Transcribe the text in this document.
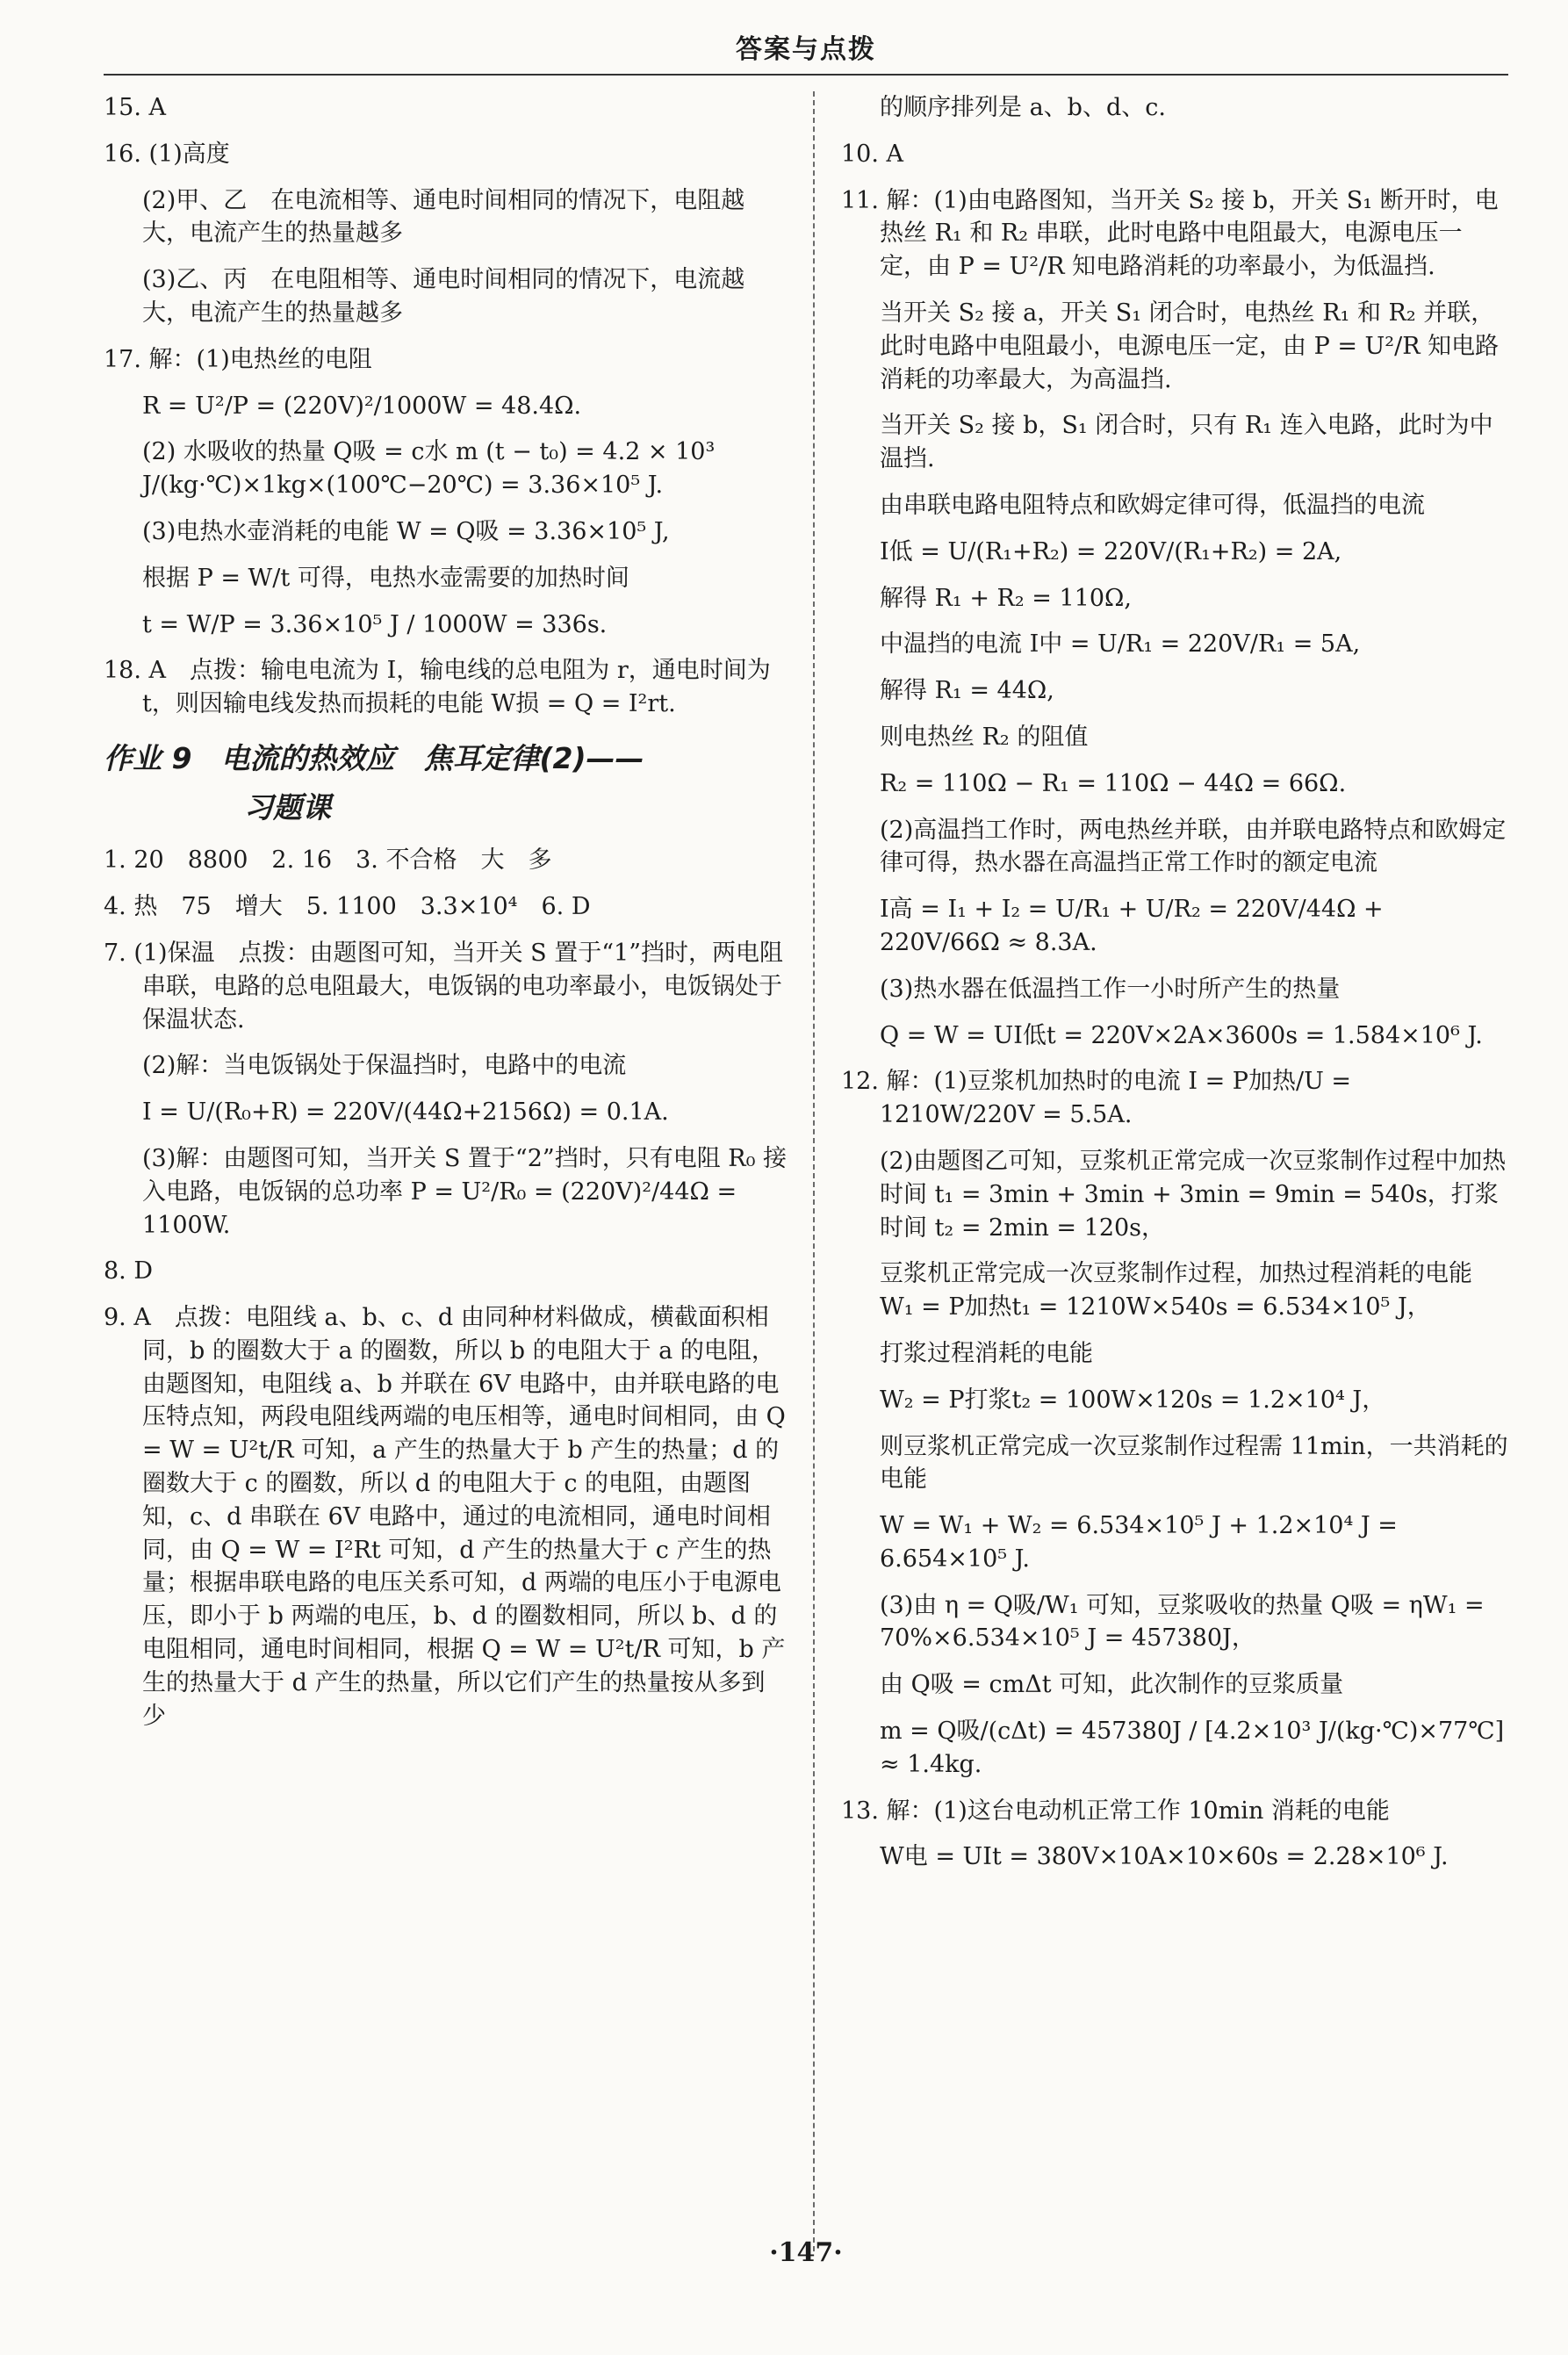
答案与点拨

15. A

16. (1)高度

(2)甲、乙　在电流相等、通电时间相同的情况下，电阻越大，电流产生的热量越多

(3)乙、丙　在电阻相等、通电时间相同的情况下，电流越大，电流产生的热量越多

17. 解：(1)电热丝的电阻

R = U²/P = (220V)²/1000W = 48.4Ω.

(2) 水吸收的热量 Q吸 = c水 m (t − t₀) = 4.2 × 10³ J/(kg·℃)×1kg×(100℃−20℃) = 3.36×10⁵ J.

(3)电热水壶消耗的电能 W = Q吸 = 3.36×10⁵ J,

根据 P = W/t 可得，电热水壶需要的加热时间

t = W/P = 3.36×10⁵ J / 1000W = 336s.

18. A　点拨：输电电流为 I，输电线的总电阻为 r，通电时间为 t，则因输电线发热而损耗的电能 W损 = Q = I²rt.

作业 9　电流的热效应　焦耳定律(2)——

习题课

1. 20　8800　2. 16　3. 不合格　大　多

4. 热　75　增大　5. 1100　3.3×10⁴　6. D

7. (1)保温　点拨：由题图可知，当开关 S 置于“1”挡时，两电阻串联，电路的总电阻最大，电饭锅的电功率最小，电饭锅处于保温状态.

(2)解：当电饭锅处于保温挡时，电路中的电流

I = U/(R₀+R) = 220V/(44Ω+2156Ω) = 0.1A.

(3)解：由题图可知，当开关 S 置于“2”挡时，只有电阻 R₀ 接入电路，电饭锅的总功率 P = U²/R₀ = (220V)²/44Ω = 1100W.

8. D

9. A　点拨：电阻线 a、b、c、d 由同种材料做成，横截面积相同，b 的圈数大于 a 的圈数，所以 b 的电阻大于 a 的电阻，由题图知，电阻线 a、b 并联在 6V 电路中，由并联电路的电压特点知，两段电阻线两端的电压相等，通电时间相同，由 Q = W = U²t/R 可知，a 产生的热量大于 b 产生的热量；d 的圈数大于 c 的圈数，所以 d 的电阻大于 c 的电阻，由题图知，c、d 串联在 6V 电路中，通过的电流相同，通电时间相同，由 Q = W = I²Rt 可知，d 产生的热量大于 c 产生的热量；根据串联电路的电压关系可知，d 两端的电压小于电源电压，即小于 b 两端的电压，b、d 的圈数相同，所以 b、d 的电阻相同，通电时间相同，根据 Q = W = U²t/R 可知，b 产生的热量大于 d 产生的热量，所以它们产生的热量按从多到少

的顺序排列是 a、b、d、c.

10. A

11. 解：(1)由电路图知，当开关 S₂ 接 b，开关 S₁ 断开时，电热丝 R₁ 和 R₂ 串联，此时电路中电阻最大，电源电压一定，由 P = U²/R 知电路消耗的功率最小，为低温挡.

当开关 S₂ 接 a，开关 S₁ 闭合时，电热丝 R₁ 和 R₂ 并联，此时电路中电阻最小，电源电压一定，由 P = U²/R 知电路消耗的功率最大，为高温挡.

当开关 S₂ 接 b，S₁ 闭合时，只有 R₁ 连入电路，此时为中温挡.

由串联电路电阻特点和欧姆定律可得，低温挡的电流

I低 = U/(R₁+R₂) = 220V/(R₁+R₂) = 2A,

解得 R₁ + R₂ = 110Ω,

中温挡的电流 I中 = U/R₁ = 220V/R₁ = 5A,

解得 R₁ = 44Ω,

则电热丝 R₂ 的阻值

R₂ = 110Ω − R₁ = 110Ω − 44Ω = 66Ω.

(2)高温挡工作时，两电热丝并联，由并联电路特点和欧姆定律可得，热水器在高温挡正常工作时的额定电流

I高 = I₁ + I₂ = U/R₁ + U/R₂ = 220V/44Ω + 220V/66Ω ≈ 8.3A.

(3)热水器在低温挡工作一小时所产生的热量

Q = W = UI低t = 220V×2A×3600s = 1.584×10⁶ J.

12. 解：(1)豆浆机加热时的电流 I = P加热/U = 1210W/220V = 5.5A.

(2)由题图乙可知，豆浆机正常完成一次豆浆制作过程中加热时间 t₁ = 3min + 3min + 3min = 9min = 540s，打浆时间 t₂ = 2min = 120s，

豆浆机正常完成一次豆浆制作过程，加热过程消耗的电能 W₁ = P加热t₁ = 1210W×540s = 6.534×10⁵ J，

打浆过程消耗的电能

W₂ = P打浆t₂ = 100W×120s = 1.2×10⁴ J，

则豆浆机正常完成一次豆浆制作过程需 11min，一共消耗的电能

W = W₁ + W₂ = 6.534×10⁵ J + 1.2×10⁴ J = 6.654×10⁵ J.

(3)由 η = Q吸/W₁ 可知，豆浆吸收的热量 Q吸 = ηW₁ = 70%×6.534×10⁵ J = 457380J，

由 Q吸 = cmΔt 可知，此次制作的豆浆质量

m = Q吸/(cΔt) = 457380J / [4.2×10³ J/(kg·℃)×77℃] ≈ 1.4kg.

13. 解：(1)这台电动机正常工作 10min 消耗的电能

W电 = UIt = 380V×10A×10×60s = 2.28×10⁶ J.

·147·
